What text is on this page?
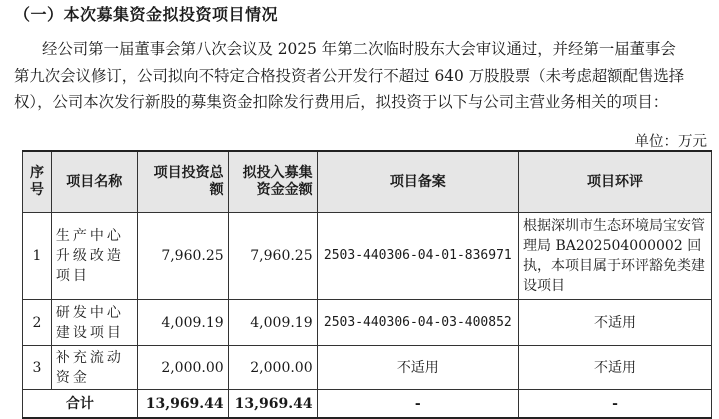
（一）本次募集资金拟投资项目情况
经公司第一届董事会第八次会议及 2025 年第二次临时股东大会审议通过，并经第一届董事会
第九次会议修订，公司拟向不特定合格投资者公开发行不超过 640 万股股票（未考虑超额配售选择
权），公司本次发行新股的募集资金扣除发行费用后，拟投资于以下与公司主营业务相关的项目：
单位：万元
序号	项目名称	项目投资总额	拟投入募集资金金额	项目备案	项目环评
1	生产中心升级改造项目	7,960.25	7,960.25	2503-440306-04-01-836971	根据深圳市生态环境局宝安管理局 BA202504000002 回执，本项目属于环评豁免类建设项目
2	研发中心建设项目	4,009.19	4,009.19	2503-440306-04-03-400852	不适用
3	补充流动资金	2,000.00	2,000.00	不适用	不适用
合计		13,969.44	13,969.44	-	-
